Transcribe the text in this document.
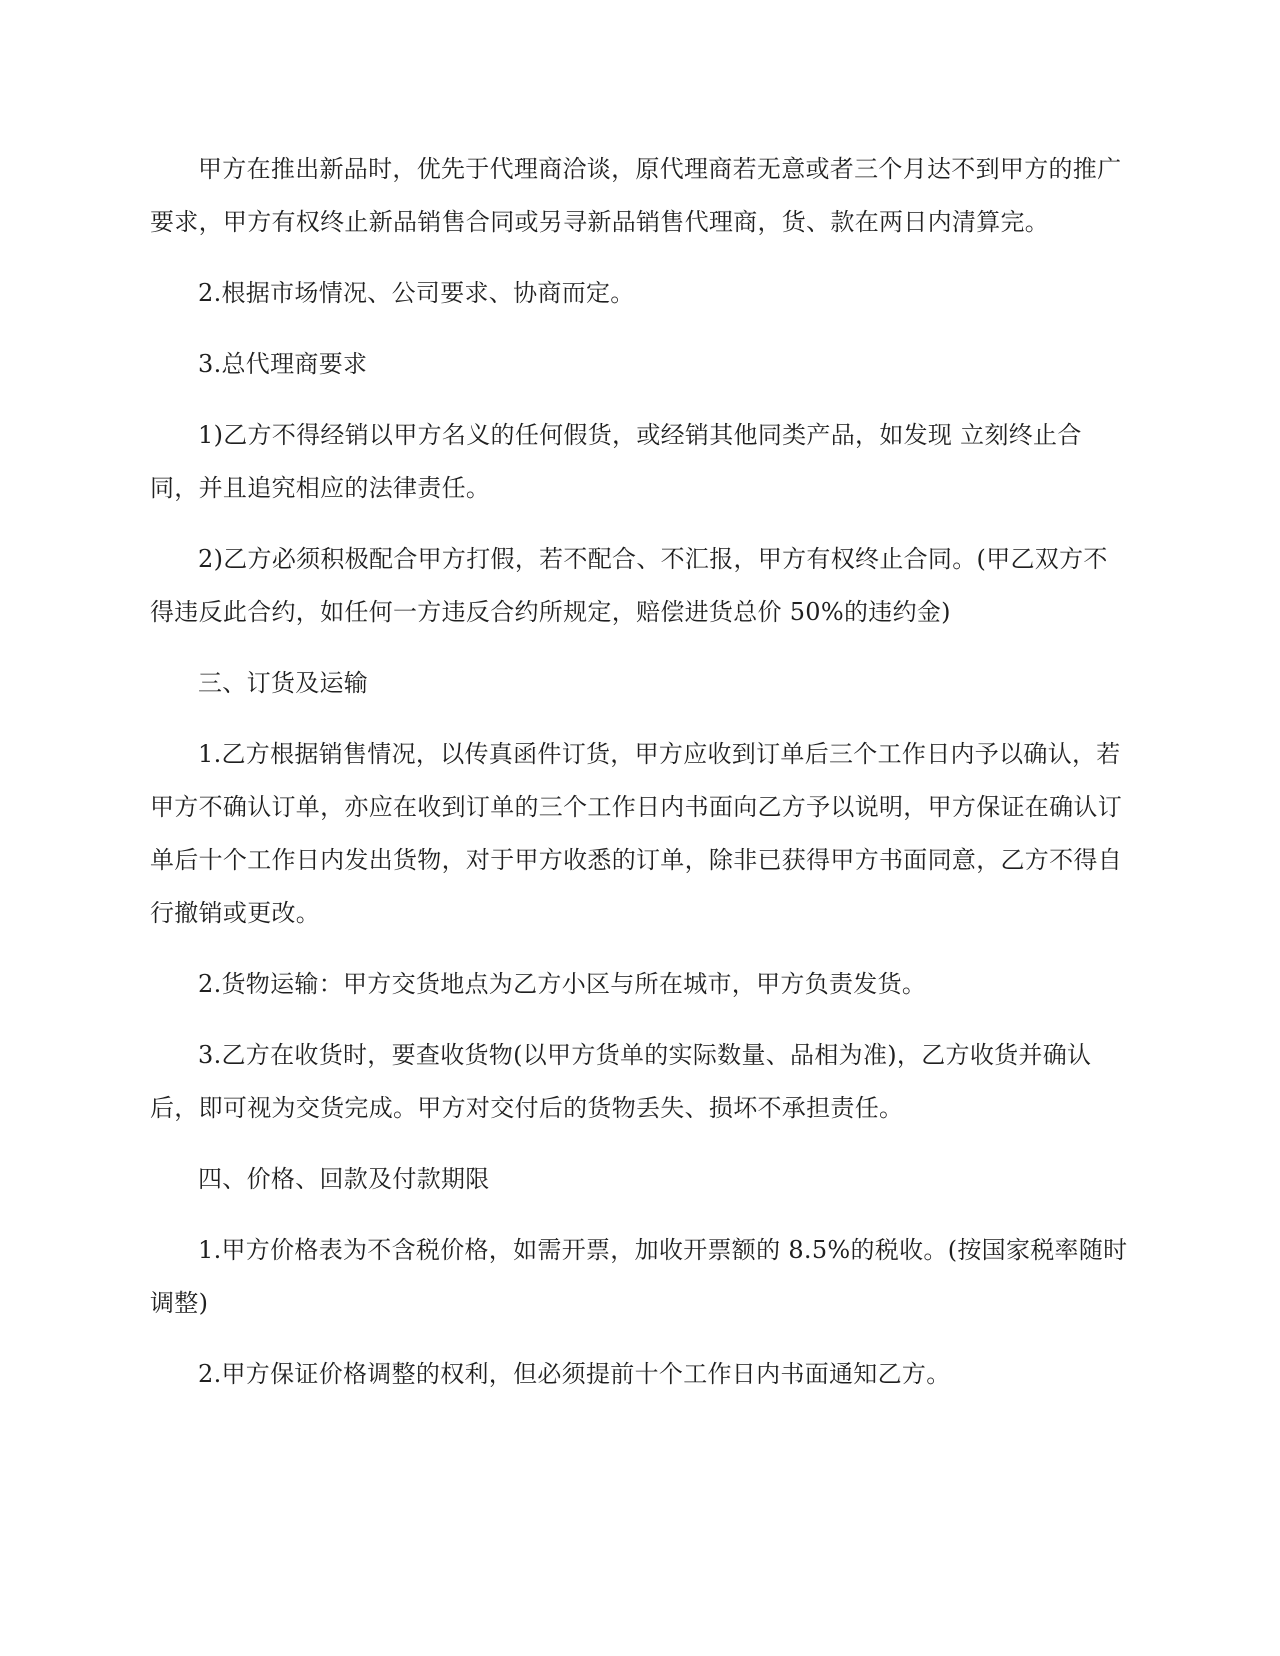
甲方在推出新品时，优先于代理商洽谈，原代理商若无意或者三个月达不到甲方的推广要求，甲方有权终止新品销售合同或另寻新品销售代理商，货、款在两日内清算完。

2.根据市场情况、公司要求、协商而定。

3.总代理商要求

1)乙方不得经销以甲方名义的任何假货，或经销其他同类产品，如发现 立刻终止合同，并且追究相应的法律责任。

2)乙方必须积极配合甲方打假，若不配合、不汇报，甲方有权终止合同。(甲乙双方不得违反此合约，如任何一方违反合约所规定，赔偿进货总价 50%的违约金)

三、订货及运输

1.乙方根据销售情况，以传真函件订货，甲方应收到订单后三个工作日内予以确认，若甲方不确认订单，亦应在收到订单的三个工作日内书面向乙方予以说明，甲方保证在确认订单后十个工作日内发出货物，对于甲方收悉的订单，除非已获得甲方书面同意，乙方不得自行撤销或更改。

2.货物运输：甲方交货地点为乙方小区与所在城市，甲方负责发货。

3.乙方在收货时，要查收货物(以甲方货单的实际数量、品相为准)，乙方收货并确认后，即可视为交货完成。甲方对交付后的货物丢失、损坏不承担责任。

四、价格、回款及付款期限

1.甲方价格表为不含税价格，如需开票，加收开票额的 8.5%的税收。(按国家税率随时调整)

2.甲方保证价格调整的权利，但必须提前十个工作日内书面通知乙方。
